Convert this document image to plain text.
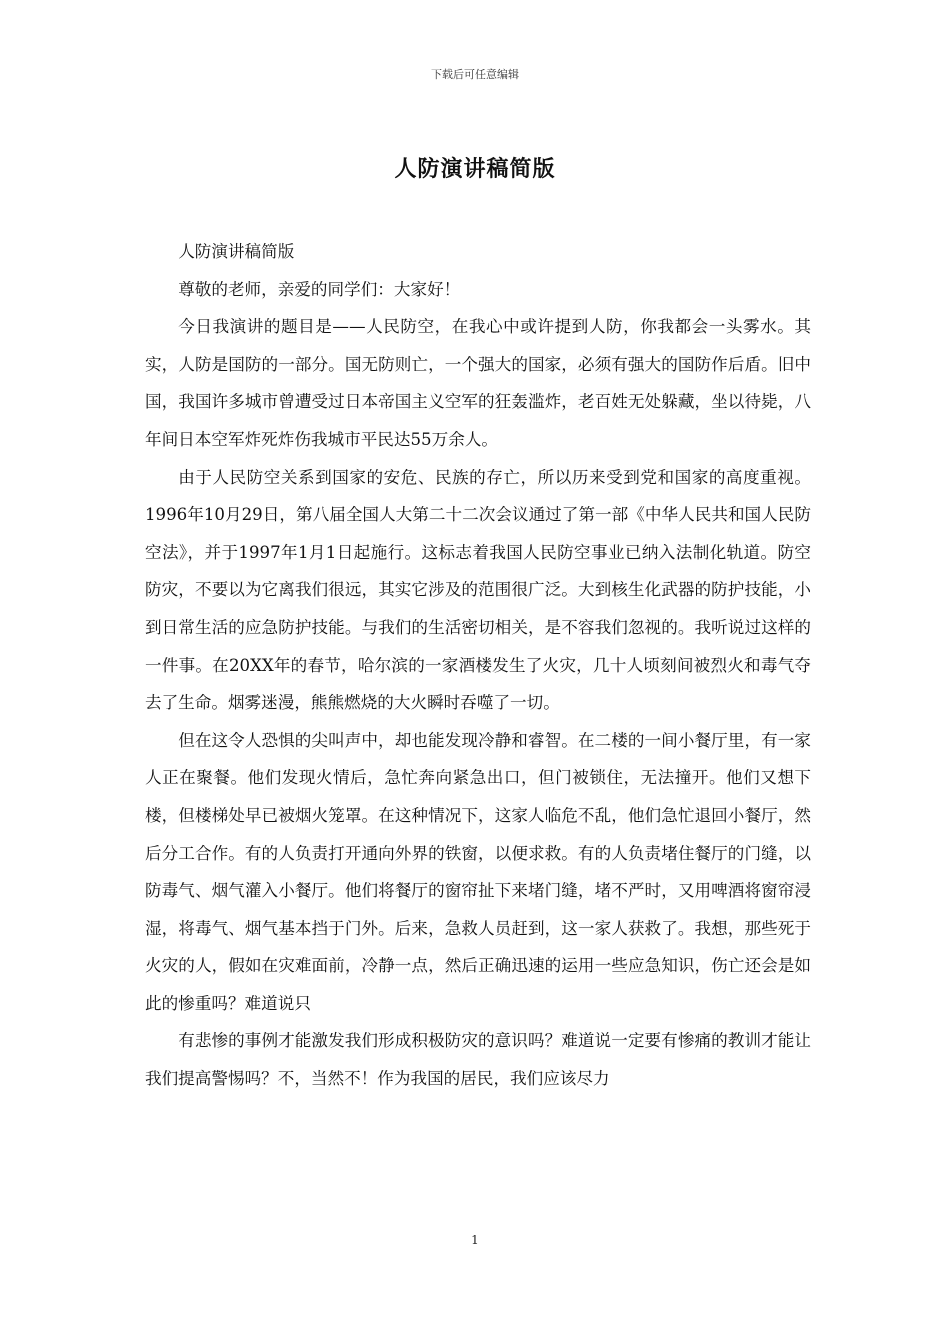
下载后可任意编辑
人防演讲稿简版

人防演讲稿简版

尊敬的老师，亲爱的同学们：大家好！

今日我演讲的题目是——人民防空，在我心中或许提到人防，你我都会一头雾水。其实，人防是国防的一部分。国无防则亡，一个强大的国家，必须有强大的国防作后盾。旧中国，我国许多城市曾遭受过日本帝国主义空军的狂轰滥炸，老百姓无处躲藏，坐以待毙，八年间日本空军炸死炸伤我城市平民达55万余人。

由于人民防空关系到国家的安危、民族的存亡，所以历来受到党和国家的高度重视。1996年10月29日，第八届全国人大第二十二次会议通过了第一部《中华人民共和国人民防空法》，并于1997年1月1日起施行。这标志着我国人民防空事业已纳入法制化轨道。防空防灾，不要以为它离我们很远，其实它涉及的范围很广泛。大到核生化武器的防护技能，小到日常生活的应急防护技能。与我们的生活密切相关，是不容我们忽视的。我听说过这样的一件事。在20XX年的春节，哈尔滨的一家酒楼发生了火灾，几十人顷刻间被烈火和毒气夺去了生命。烟雾迷漫，熊熊燃烧的大火瞬时吞噬了一切。

但在这令人恐惧的尖叫声中，却也能发现冷静和睿智。在二楼的一间小餐厅里，有一家人正在聚餐。他们发现火情后，急忙奔向紧急出口，但门被锁住，无法撞开。他们又想下楼，但楼梯处早已被烟火笼罩。在这种情况下，这家人临危不乱，他们急忙退回小餐厅，然后分工合作。有的人负责打开通向外界的铁窗，以便求救。有的人负责堵住餐厅的门缝，以防毒气、烟气灌入小餐厅。他们将餐厅的窗帘扯下来堵门缝，堵不严时，又用啤酒将窗帘浸湿，将毒气、烟气基本挡于门外。后来，急救人员赶到，这一家人获救了。我想，那些死于火灾的人，假如在灾难面前，冷静一点，然后正确迅速的运用一些应急知识，伤亡还会是如此的惨重吗？难道说只

有悲惨的事例才能激发我们形成积极防灾的意识吗？难道说一定要有惨痛的教训才能让我们提高警惕吗？不，当然不！作为我国的居民，我们应该尽力

1
